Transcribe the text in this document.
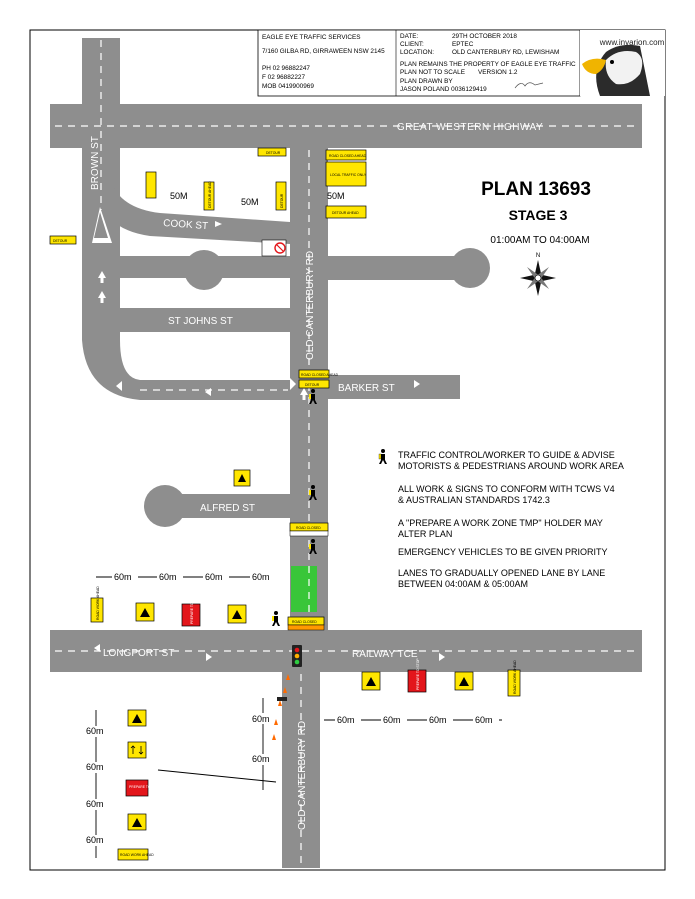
GREAT WESTERN HIGHWAY
BROWN ST
COOK ST
ST JOHNS ST	OLD CANTERBURY RD
BARKER ST
ALFRED ST
LONGPORT ST	RAILWAY TCE
OLD CANTERBURY RD
EAGLE EYE TRAFFIC SERVICES
7/160 GILBA RD, GIRRAWEEN NSW 2145
PH 02 96882247
F 02 96882227
MOB 0419900969
DATE:	29TH OCTOBER 2018
CLIENT:	EPTEC
LOCATION:	OLD CANTERBURY RD, LEWISHAM
PLAN REMAINS THE PROPERTY OF EAGLE EYE TRAFFIC
PLAN NOT TO SCALE VERSION 1.2
PLAN DRAWN BY
JASON POLAND 0036129419
www.invarion.com
PLAN 13693
STAGE 3
01:00AM TO 04:00AM
N
50M
50M
50M
60m	60m	60m	60m
60m	60m	60m	60m
60m
60m
60m
60m
60m
60m
TRAFFIC CONTROL/WORKER TO GUIDE & ADVISE
MOTORISTS & PEDESTRIANS AROUND WORK AREA
ALL WORK & SIGNS TO CONFORM WITH TCWS V4
& AUSTRALIAN STANDARDS 1742.3
A "PREPARE A WORK ZONE TMP" HOLDER MAY
ALTER PLAN
EMERGENCY VEHICLES TO BE GIVEN PRIORITY
LANES TO GRADUALLY OPENED LANE BY LANE
BETWEEN 04:00AM & 05:00AM
DETOUR
DETOUR
DETOUR AHEAD	DETOUR
ROAD CLOSED AHEAD
LOCAL TRAFFIC ONLY
DETOUR AHEAD
ROAD CLOSED AHEAD
DETOUR
ROAD CLOSED
ROAD CLOSED
ROAD WORK AHEAD	PREPARE TO STOP
PREPARE TO STOP	ROAD WORK AHEAD
PREPARE TO STOP
ROAD WORK AHEAD
